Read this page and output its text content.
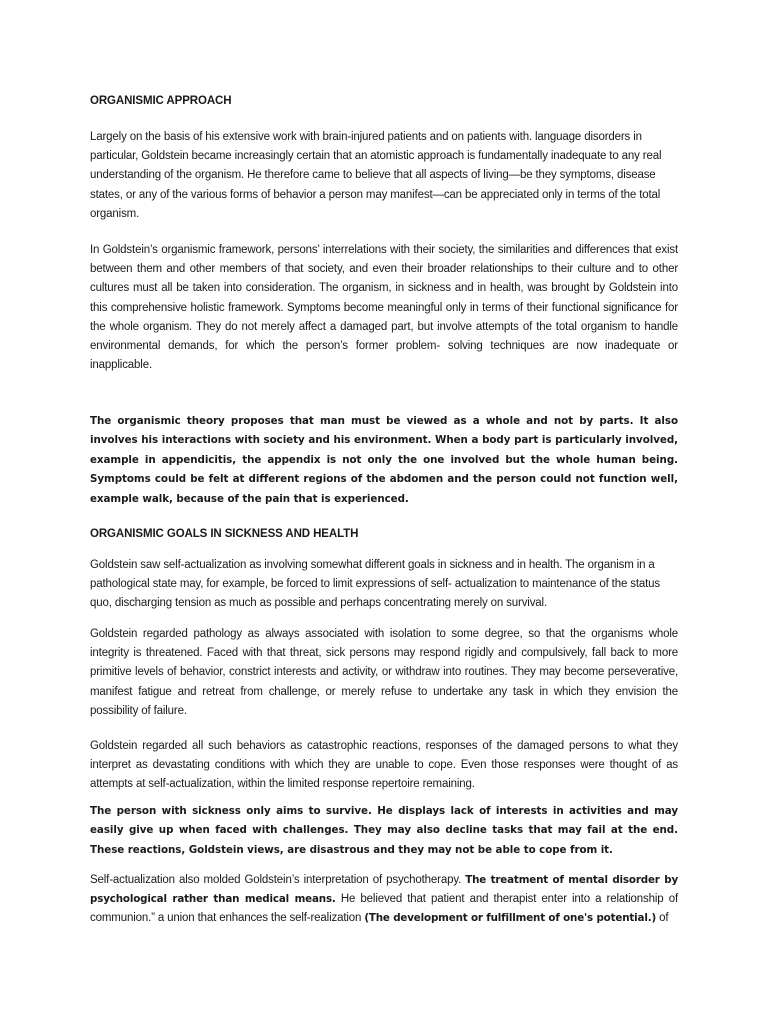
ORGANISMIC APPROACH

Largely on the basis of his extensive work with brain-injured patients and on patients with. language disorders in particular, Goldstein became increasingly certain that an atomistic approach is fundamentally inadequate to any real understanding of the organism. He therefore came to believe that all aspects of living—be they symptoms, disease states, or any of the various forms of behavior a person may manifest—can be appreciated only in terms of the total organism.

In Goldstein’s organismic framework, persons’ interrelations with their society, the similarities and differences that exist between them and other members of that society, and even their broader relationships to their culture and to other cultures must all be taken into consideration. The organism, in sickness and in health, was brought by Goldstein into this comprehensive holistic framework. Symptoms become meaningful only in terms of their functional significance for the whole organism. They do not merely affect a damaged part, but involve attempts of the total organism to handle environmental demands, for which the person’s former problem- solving techniques are now inadequate or inapplicable.

The organismic theory proposes that man must be viewed as a whole and not by parts. It also involves his interactions with society and his environment. When a body part is particularly involved, example in appendicitis, the appendix is not only the one involved but the whole human being. Symptoms could be felt at different regions of the abdomen and the person could not function well, example walk, because of the pain that is experienced.

ORGANISMIC GOALS IN SICKNESS AND HEALTH

Goldstein saw self-actualization as involving somewhat different goals in sickness and in health. The organism in a pathological state may, for example, be forced to limit expressions of self- actualization to maintenance of the status quo, discharging tension as much as possible and perhaps concentrating merely on survival.

Goldstein regarded pathology as always associated with isolation to some degree, so that the organisms whole integrity is threatened. Faced with that threat, sick persons may respond rigidly and compulsively, fall back to more primitive levels of behavior, constrict interests and activity, or withdraw into routines. They may become perseverative, manifest fatigue and retreat from challenge, or merely refuse to undertake any task in which they envision the possibility of failure.

Goldstein regarded all such behaviors as catastrophic reactions, responses of the damaged persons to what they interpret as devastating conditions with which they are unable to cope. Even those responses were thought of as attempts at self-actualization, within the limited response repertoire remaining.

The person with sickness only aims to survive. He displays lack of interests in activities and may easily give up when faced with challenges. They may also decline tasks that may fail at the end. These reactions, Goldstein views, are disastrous and they may not be able to cope from it.

Self-actualization also molded Goldstein’s interpretation of psychotherapy. The treatment of mental disorder by psychological rather than medical means. He believed that patient and therapist enter into a relationship of communion.” a union that enhances the self-realization (The development or fulfillment of one's potential.) of
